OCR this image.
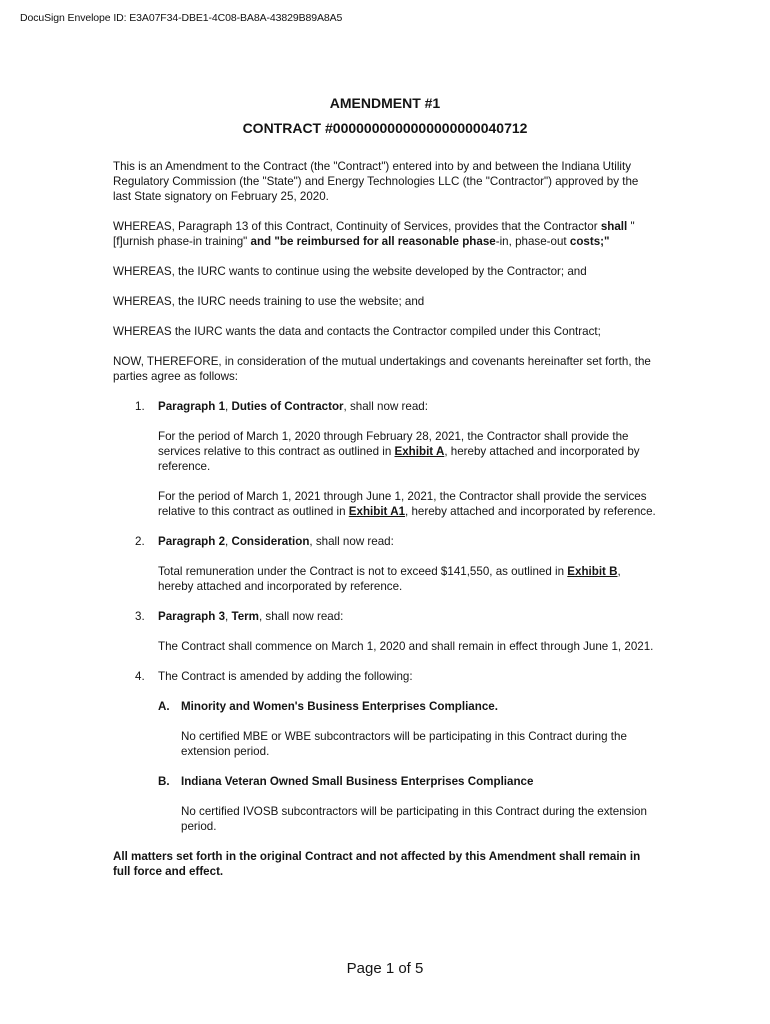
DocuSign Envelope ID: E3A07F34-DBE1-4C08-BA8A-43829B89A8A5
AMENDMENT #1
CONTRACT #0000000000000000000040712

This is an Amendment to the Contract (the "Contract") entered into by and between the Indiana Utility Regulatory Commission (the "State") and Energy Technologies LLC (the "Contractor") approved by the last State signatory on February 25, 2020.

WHEREAS, Paragraph 13 of this Contract, Continuity of Services, provides that the Contractor shall "[f]urnish phase-in training" and "be reimbursed for all reasonable phase-in, phase-out costs;"

WHEREAS, the IURC wants to continue using the website developed by the Contractor; and

WHEREAS, the IURC needs training to use the website; and

WHEREAS the IURC wants the data and contacts the Contractor compiled under this Contract;

NOW, THEREFORE, in consideration of the mutual undertakings and covenants hereinafter set forth, the parties agree as follows:

1. Paragraph 1, Duties of Contractor, shall now read:
For the period of March 1, 2020 through February 28, 2021, the Contractor shall provide the services relative to this contract as outlined in Exhibit A, hereby attached and incorporated by reference.
For the period of March 1, 2021 through June 1, 2021, the Contractor shall provide the services relative to this contract as outlined in Exhibit A1, hereby attached and incorporated by reference.
2. Paragraph 2, Consideration, shall now read:
Total remuneration under the Contract is not to exceed $141,550, as outlined in Exhibit B, hereby attached and incorporated by reference.
3. Paragraph 3, Term, shall now read:
The Contract shall commence on March 1, 2020 and shall remain in effect through June 1, 2021.
4. The Contract is amended by adding the following:
A. Minority and Women's Business Enterprises Compliance.
No certified MBE or WBE subcontractors will be participating in this Contract during the extension period.
B. Indiana Veteran Owned Small Business Enterprises Compliance
No certified IVOSB subcontractors will be participating in this Contract during the extension period.

All matters set forth in the original Contract and not affected by this Amendment shall remain in full force and effect.

Page 1 of 5
